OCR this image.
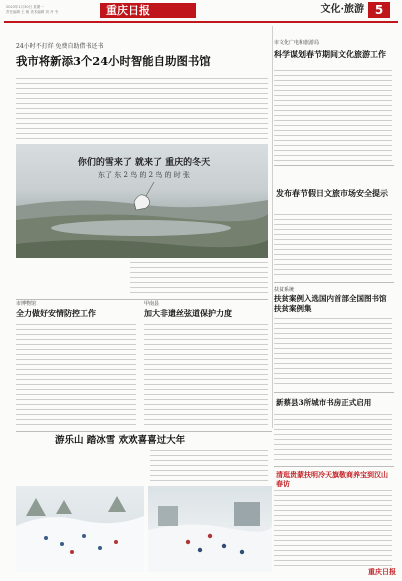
2023年1月30日 星期一
责任编辑 王 敏 美术编辑 刘 丹 韦	重庆日报	文化·旅游 5
24小时不打烊 免费自助借书还书
我市将新添3个24小时智能自助图书馆
市文化广电和旅游局
科学谋划春节期间文化旅游工作
你们的雪来了 就来了 重庆的冬天
东了 东 2 鸟 的 2 鸟 的 时 张
发布春节假日文旅市场安全提示
扶贫系统
扶贫案例入选国内首部全国图书馆扶贫案例集
市博物馆
全力做好安情防控工作
甲南县
加大非遗丝弦道保护力度
新蔡县3所城市书房正式启用
游乐山 踏冰雪 欢欢喜喜过大年
清逛贵蒙扶明冷天旗敬商养宝到汉山春访
重庆日报
